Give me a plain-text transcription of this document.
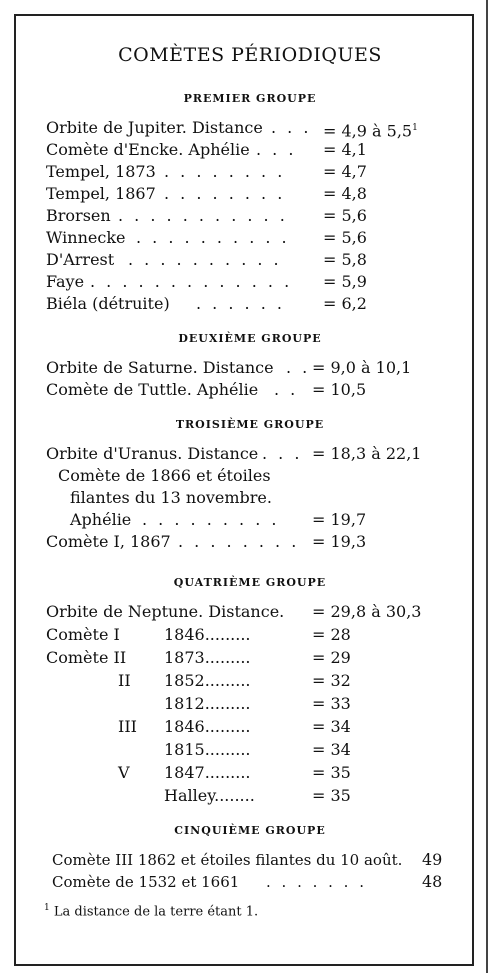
COMÈTES PÉRIODIQUES
PREMIER GROUPE
Orbite de Jupiter. Distance . . . = 4,9 à $5,5^1$
Comète d'Encke. Aphélie . . . = 4,1
Tempel, 1873 . . . . . . . . = 4,7
Tempel, 1867 . . . . . . . . = 4,8
Brorsen . . . . . . . . . . . = 5,6
Winnecke . . . . . . . . . . = 5,6
D'Arrest . . . . . . . . . .	= 5,8
Faye . . . . . . . . . . . . . = 5,9
Biéla (détruite) . . . . . . = 6,2
DEUXIÈME GROUPE
Orbite de Saturne. Distance . . = 9,0 à 10,1
Comète de Tuttle. Aphélie . . = 10,5
TROISIÈME GROUPE
Orbite d'Uranus. Distance . . . = 18,3 à 22,1
Comète de 1866 et étoiles
filantes du 13 novembre.
Aphélie . . . . . . . . . = 19,7
Comète I, 1867 . . . . . . . . = 19,3
QUATRIÈME GROUPE
Orbite de Neptune. Distance. = 29,8 à 30,3
Comète I	1846.........	= 28
Comète II 1873.........	= 29
II 1852.........	= 32
1812.........	= 33
III 1846.........	= 34
1815.........	= 34
V 1847.........	= 35
Halley........	= 35
CINQUIÈME GROUPE
Comète III 1862 et étoiles filantes du 10 août. 49
Comète de 1532 et 1661 . . . . . . .	48
$^1$ La distance de la terre étant 1.
